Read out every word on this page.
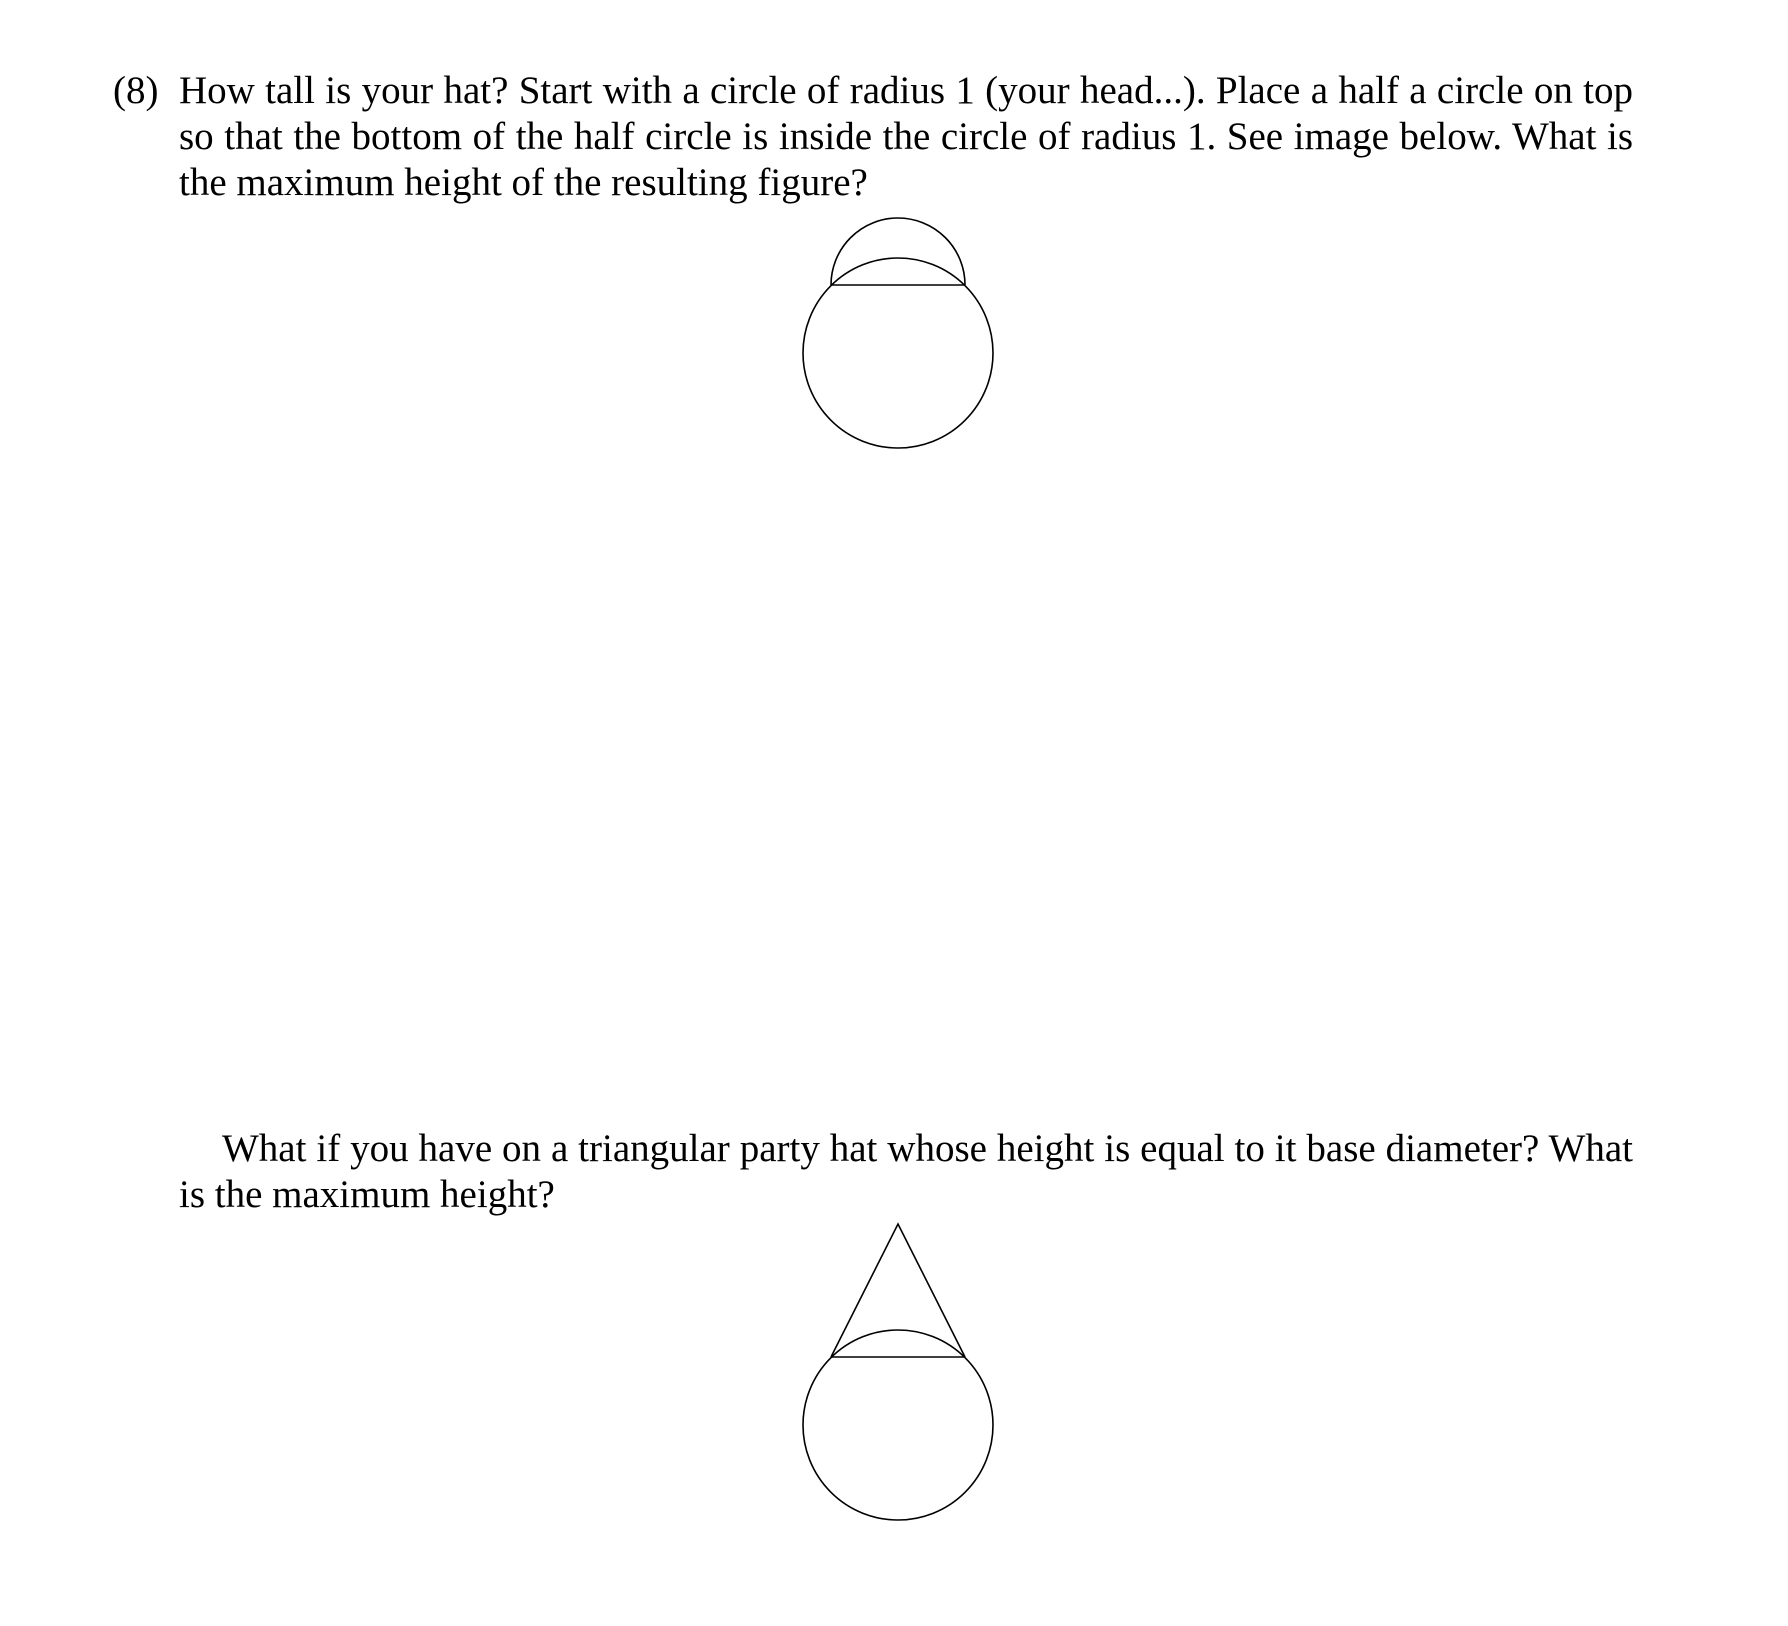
(8) How tall is your hat? Start with a circle of radius 1 (your head...). Place a half a circle on top so that the bottom of the half circle is inside the circle of radius 1. See image below. What is the maximum height of the resulting figure?

What if you have on a triangular party hat whose height is equal to it base diameter? What is the maximum height?
